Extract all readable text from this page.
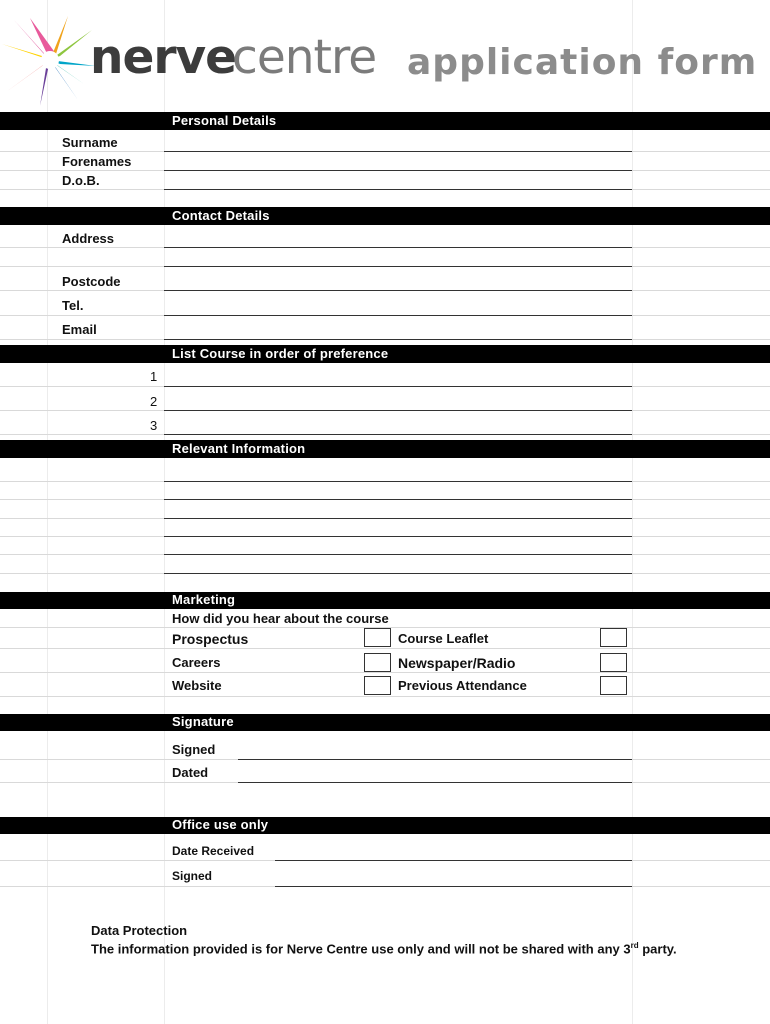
nerve
centre application form
Personal Details
Surname
Forenames
D.o.B.
Contact Details
Address
Postcode
Tel.
Email
List Course in order of preference
1
2
3
Relevant Information
Marketing
How did you hear about the course
Prospectus	Course Leaflet
Careers	Newspaper/Radio
Website	Previous Attendance
Signature
Signed
Dated
Office use only
Date Received
Signed
Data Protection
The information provided is for Nerve Centre use only and will not be shared with any 3rd party.
